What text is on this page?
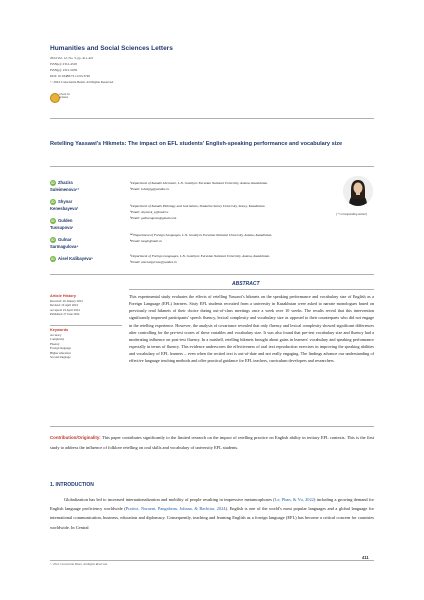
Humanities and Social Sciences Letters
2024 Vol. 12, No. 3, pp. 411-421
ISSN(e): 2312-4318
ISSN(p): 2312-5659
DOI: 10.18488/73.v12i3.3746
© 2024 Conscientia Beam. All Rights Reserved.
Check for updates
Retelling Yassawi's Hikmets: The impact on EFL students' English-speaking performance and vocabulary size
iD Zhazira
Suleimenova¹⁺
iD Shynar
Kenesbayeva²
iD Gulden
Tussupova³
iD Gulnar
Sarmagulova⁴
iD Aisel Kalibayeva⁵
¹Department of Kazakh Literature, L.N. Gumilyov Eurasian National University, Astana, Kazakhstan.
¹Email: k.babyjg@yandex.ru
²Department of Kazakh Philology and Journalism, Shakarim Semey University, Semey, Kazakhstan.
²Email: shynar.k_s@mail.ru
³Email: gultussupova@gmail.com
³⁴⁵Department of Foreign Languages, L.N. Gumilyov Eurasian National University, Astana, Kazakhstan.
⁴Email: kesgh@mail.ru
⁵Department of Foreign Languages, L.N. Gumilyov Eurasian National University, Astana, Kazakhstan.
⁵Email: aisel.alpyrnas@yandex.ru
(⁺ Corresponding author)
ABSTRACT
Article History
Received: 26 January 2024
Revised: 10 April 2024
Accepted: 23 April 2024
Published: 27 June 2024
Keywords
Accuracy
Complexity
Fluency
Foreign language
Higher education
Second language
This experimental study evaluates the effects of retelling Yassawi's hikmets on the speaking performance and vocabulary size of English as a Foreign Language (EFL) learners. Sixty EFL students recruited from a university in Kazakhstan were asked to narrate monologues based on previously read hikmets of their choice during out-of-class meetings once a week over 10 weeks. The results reveal that this intervention significantly improved participants' speech fluency, lexical complexity and vocabulary size as opposed to their counterparts who did not engage in the retelling experience. However, the analysis of covariance revealed that only fluency and lexical complexity showed significant differences after controlling for the pre-test scores of these variables and vocabulary size. It was also found that pre-test vocabulary size and fluency had a moderating influence on post-test fluency. In a nutshell, retelling hikmets brought about gains in learners' vocabulary and speaking performance especially in terms of fluency. This evidence underscores the effectiveness of oral text reproduction exercises in improving the speaking abilities and vocabulary of EFL learners – even when the recited text is out-of-date and not really engaging. The findings advance our understanding of effective language teaching methods and offer practical guidance for EFL teachers, curriculum developers and researchers.
Contribution/Originality: This paper contributes significantly to the limited research on the impact of retelling practice on English ability in tertiary EFL contexts. This is the first study to address the influence of folklore retelling on oral skills and vocabulary of university EFL students.
1. INTRODUCTION
Globalization has led to increased internationalization and mobility of people resulting in impressive metamorphoses (Le, Phan, & Vu, 2022) including a growing demand for English language proficiency worldwide (Pratiwi, Nuraeni, Pangabean, Juhana, & Bachtiar, 2024). English is one of the world's most popular languages and a global language for international communication, business, education and diplomacy. Consequently, teaching and learning English as a foreign language (EFL) has become a critical concern for countries worldwide. In Central
411
© 2024 Conscientia Beam. All Rights Reserved.
